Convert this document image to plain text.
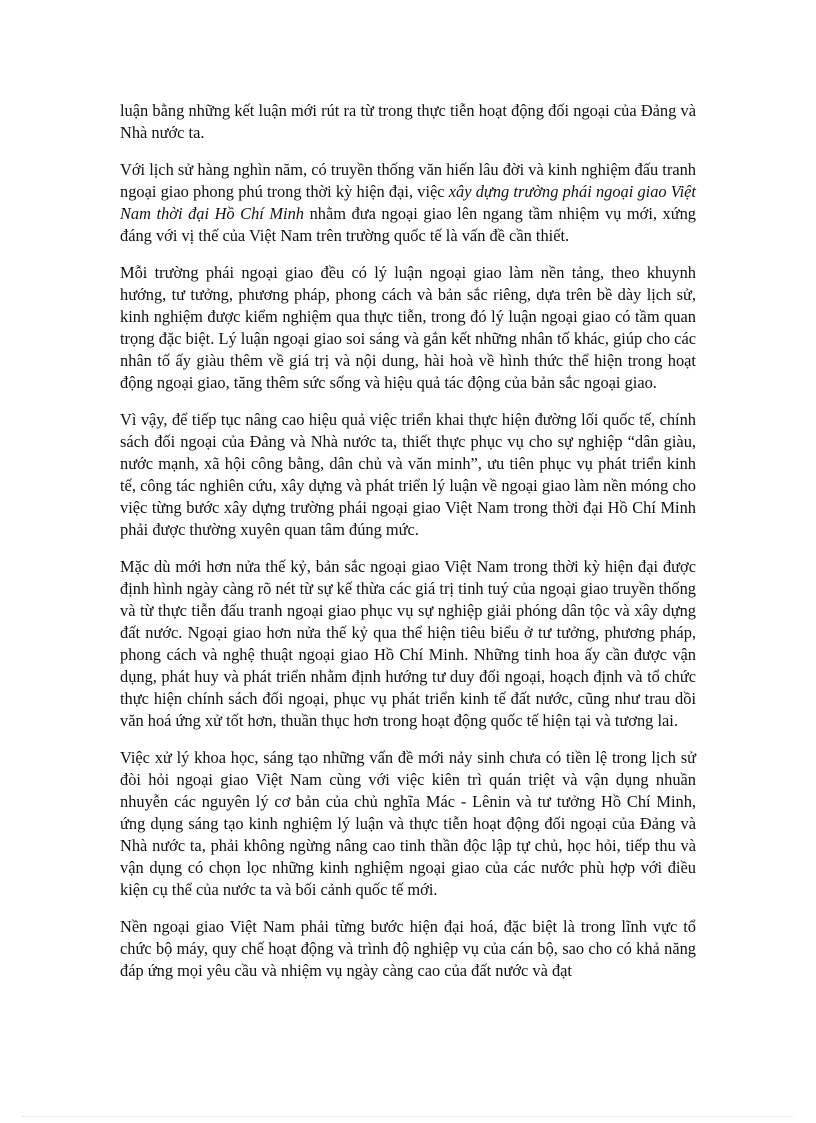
luận bằng những kết luận mới rút ra từ trong thực tiễn hoạt động đối ngoại của Đảng và Nhà nước ta.

Với lịch sử hàng nghìn năm, có truyền thống văn hiến lâu đời và kinh nghiệm đấu tranh ngoại giao phong phú trong thời kỳ hiện đại, việc xây dựng trường phái ngoại giao Việt Nam thời đại Hồ Chí Minh nhằm đưa ngoại giao lên ngang tầm nhiệm vụ mới, xứng đáng với vị thế của Việt Nam trên trường quốc tế là vấn đề cần thiết.

Mỗi trường phái ngoại giao đều có lý luận ngoại giao làm nền tảng, theo khuynh hướng, tư tưởng, phương pháp, phong cách và bản sắc riêng, dựa trên bề dày lịch sử, kinh nghiệm được kiểm nghiệm qua thực tiễn, trong đó lý luận ngoại giao có tầm quan trọng đặc biệt. Lý luận ngoại giao soi sáng và gắn kết những nhân tố khác, giúp cho các nhân tố ấy giàu thêm về giá trị và nội dung, hài hoà về hình thức thể hiện trong hoạt động ngoại giao, tăng thêm sức sống và hiệu quả tác động của bản sắc ngoại giao.

Vì vậy, để tiếp tục nâng cao hiệu quả việc triển khai thực hiện đường lối quốc tế, chính sách đối ngoại của Đảng và Nhà nước ta, thiết thực phục vụ cho sự nghiệp “dân giàu, nước mạnh, xã hội công bằng, dân chủ và văn minh”, ưu tiên phục vụ phát triển kinh tế, công tác nghiên cứu, xây dựng và phát triển lý luận về ngoại giao làm nền móng cho việc từng bước xây dựng trường phái ngoại giao Việt Nam trong thời đại Hồ Chí Minh phải được thường xuyên quan tâm đúng mức.

Mặc dù mới hơn nửa thế kỷ, bản sắc ngoại giao Việt Nam trong thời kỳ hiện đại được định hình ngày càng rõ nét từ sự kế thừa các giá trị tinh tuý của ngoại giao truyền thống và từ thực tiễn đấu tranh ngoại giao phục vụ sự nghiệp giải phóng dân tộc và xây dựng đất nước. Ngoại giao hơn nửa thế kỷ qua thể hiện tiêu biểu ở tư tưởng, phương pháp, phong cách và nghệ thuật ngoại giao Hồ Chí Minh. Những tinh hoa ấy cần được vận dụng, phát huy và phát triển nhằm định hướng tư duy đối ngoại, hoạch định và tổ chức thực hiện chính sách đối ngoại, phục vụ phát triển kinh tế đất nước, cũng như trau dồi văn hoá ứng xử tốt hơn, thuần thục hơn trong hoạt động quốc tế hiện tại và tương lai.

Việc xử lý khoa học, sáng tạo những vấn đề mới nảy sinh chưa có tiền lệ trong lịch sử đòi hỏi ngoại giao Việt Nam cùng với việc kiên trì quán triệt và vận dụng nhuần nhuyễn các nguyên lý cơ bản của chủ nghĩa Mác - Lênin và tư tưởng Hồ Chí Minh, ứng dụng sáng tạo kinh nghiệm lý luận và thực tiễn hoạt động đối ngoại của Đảng và Nhà nước ta, phải không ngừng nâng cao tinh thần độc lập tự chủ, học hỏi, tiếp thu và vận dụng có chọn lọc những kinh nghiệm ngoại giao của các nước phù hợp với điều kiện cụ thể của nước ta và bối cảnh quốc tế mới.

Nền ngoại giao Việt Nam phải từng bước hiện đại hoá, đặc biệt là trong lĩnh vực tổ chức bộ máy, quy chế hoạt động và trình độ nghiệp vụ của cán bộ, sao cho có khả năng đáp ứng mọi yêu cầu và nhiệm vụ ngày càng cao của đất nước và đạt
